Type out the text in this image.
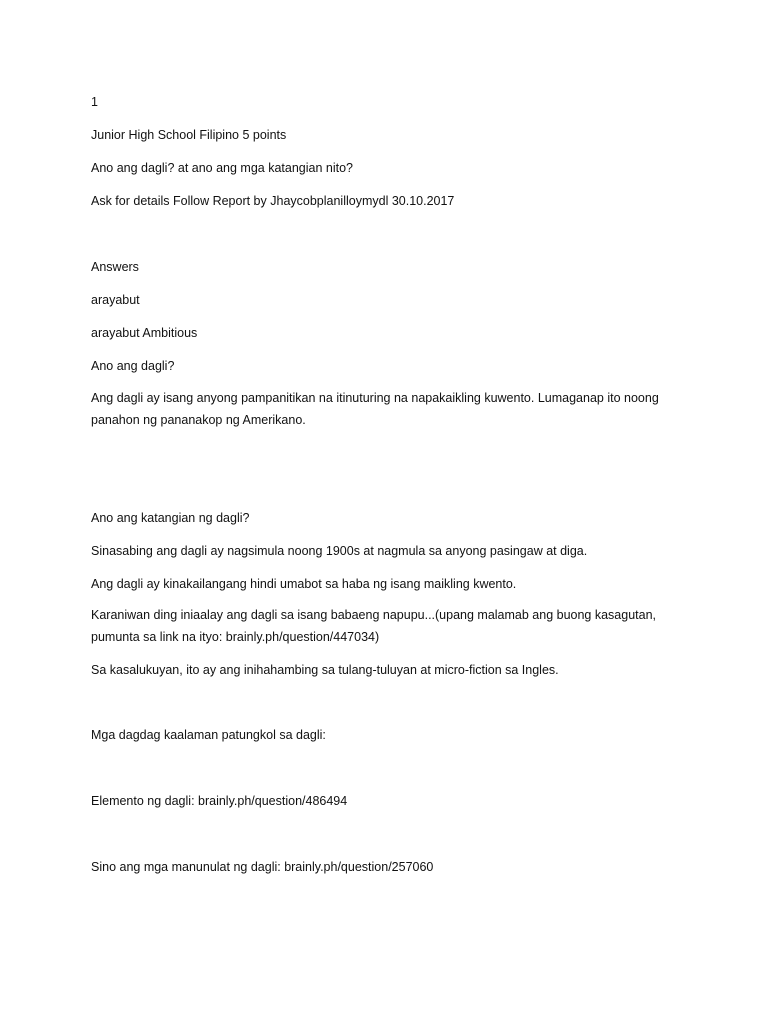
1

Junior High School Filipino 5 points

Ano ang dagli? at ano ang mga katangian nito?

Ask for details Follow Report by Jhaycobplanilloymydl 30.10.2017

Answers

arayabut

arayabut Ambitious

Ano ang dagli?

Ang dagli ay isang anyong pampanitikan na itinuturing na napakaikling kuwento. Lumaganap ito noong panahon ng pananakop ng Amerikano.

Ano ang katangian ng dagli?

Sinasabing ang dagli ay nagsimula noong 1900s at nagmula sa anyong pasingaw at diga.

Ang dagli ay kinakailangang hindi umabot sa haba ng isang maikling kwento.

Karaniwan ding iniaalay ang dagli sa isang babaeng napupu...(upang malamab ang buong kasagutan, pumunta sa link na ityo: brainly.ph/question/447034)

Sa kasalukuyan, ito ay ang inihahambing sa tulang-tuluyan at micro-fiction sa Ingles.

Mga dagdag kaalaman patungkol sa dagli:

Elemento ng dagli: brainly.ph/question/486494

Sino ang mga manunulat ng dagli: brainly.ph/question/257060
